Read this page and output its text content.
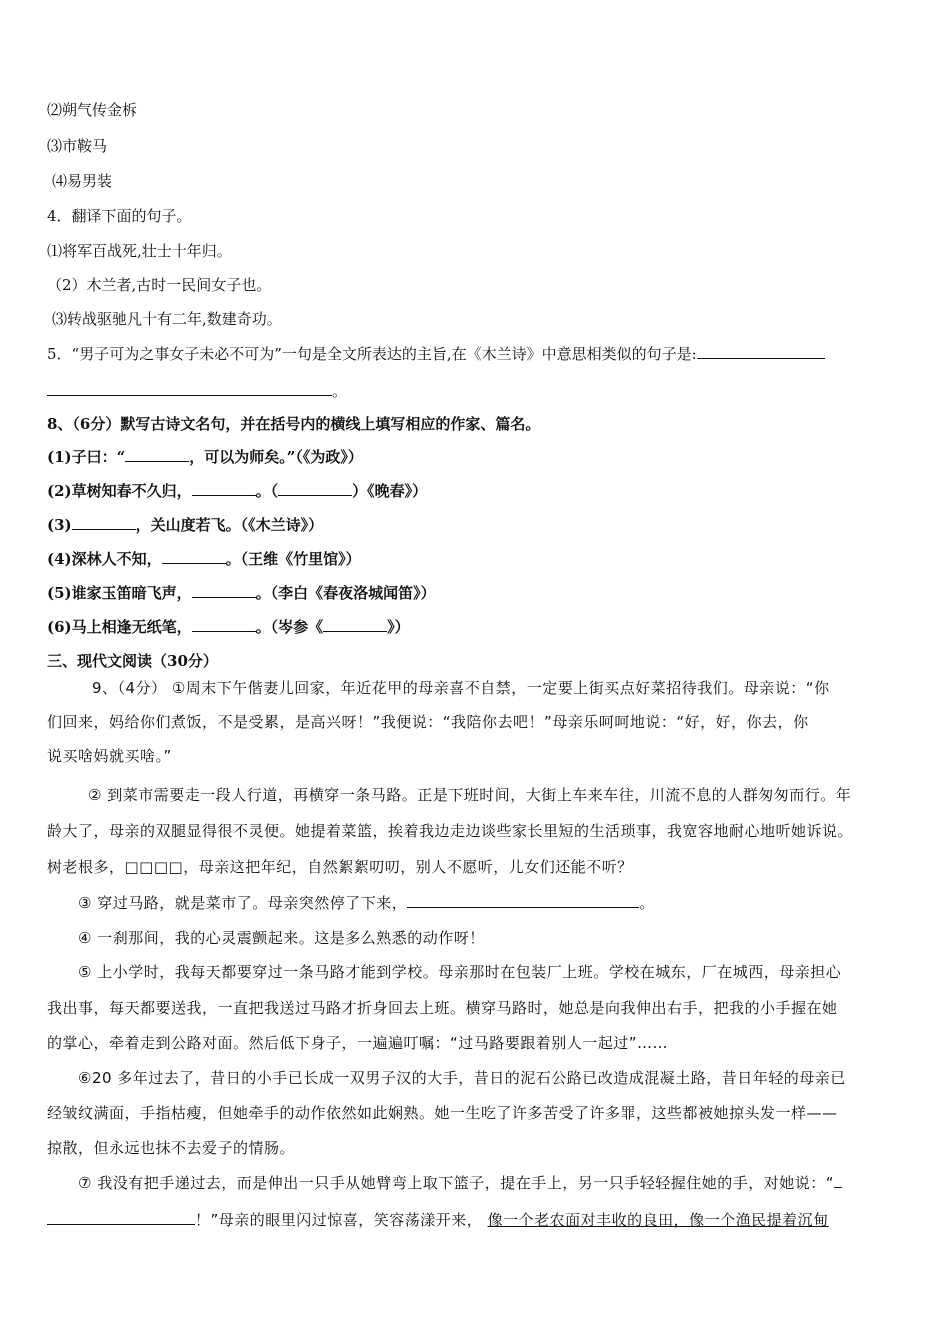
⑵朔气传金柝
⑶市鞍马
⑷易男装
4．翻译下面的句子。
⑴将军百战死,壮士十年归。
（2）木兰者,古时一民间女子也。
⑶转战驱驰凡十有二年,数建奇功。
5．“男子可为之事女子未必不可为”一句是全文所表达的主旨,在《木兰诗》中意思相类似的句子是:
。
8、（6分）默写古诗文名句，并在括号内的横线上填写相应的作家、篇名。
(1)子曰：“	，可以为师矣。”（《为政》）
(2)草树知春不久归，	。（	）《晚春》）
(3)	，关山度若飞。（《木兰诗》）
(4)深林人不知，	。（王维《竹里馆》）
(5)谁家玉笛暗飞声，	。（李白《春夜洛城闻笛》）
(6)马上相逢无纸笔，	。（岑参《	》）
三、现代文阅读（30分）
9、（4分） ①周末下午偕妻儿回家，年近花甲的母亲喜不自禁，一定要上街买点好菜招待我们。母亲说：“你
们回来，妈给你们煮饭，不是受累，是高兴呀！”我便说：“我陪你去吧！”母亲乐呵呵地说：“好，好，你去，你
说买啥妈就买啥。”
② 到菜市需要走一段人行道，再横穿一条马路。正是下班时间，大街上车来车往，川流不息的人群匆匆而行。年
龄大了，母亲的双腿显得很不灵便。她提着菜篮，挨着我边走边谈些家长里短的生活琐事，我宽容地耐心地听她诉说。
树老根多，□□□□，母亲这把年纪，自然絮絮叨叨，别人不愿听，儿女们还能不听？
③ 穿过马路，就是菜市了。母亲突然停了下来，	。
④ 一刹那间，我的心灵震颤起来。这是多么熟悉的动作呀！
⑤ 上小学时，我每天都要穿过一条马路才能到学校。母亲那时在包装厂上班。学校在城东，厂在城西，母亲担心
我出事，每天都要送我，一直把我送过马路才折身回去上班。横穿马路时，她总是向我伸出右手，把我的小手握在她
的掌心，牵着走到公路对面。然后低下身子，一遍遍叮嘱：“过马路要跟着别人一起过”……
⑥20 多年过去了，昔日的小手已长成一双男子汉的大手，昔日的泥石公路已改造成混凝土路，昔日年轻的母亲已
经皱纹满面，手指枯瘦，但她牵手的动作依然如此娴熟。她一生吃了许多苦受了许多罪，这些都被她掠头发一样——
掠散，但永远也抹不去爱子的情肠。
⑦ 我没有把手递过去，而是伸出一只手从她臂弯上取下篮子，提在手上，另一只手轻轻握住她的手，对她说：“
！”母亲的眼里闪过惊喜，笑容荡漾开来， 像一个老农面对丰收的良田，像一个渔民提着沉甸
